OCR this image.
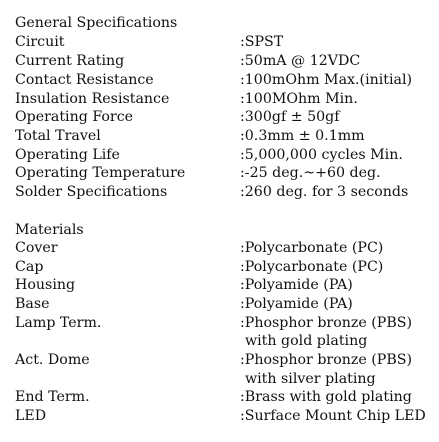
General Specifications
Circuit	:SPST
Current Rating	:50mA @ 12VDC
Contact Resistance	:100mOhm Max.(initial)
Insulation Resistance	:100MOhm Min.
Operating Force	:300gf ± 50gf
Total Travel	:0.3mm ± 0.1mm
Operating Life	:5,000,000 cycles Min.
Operating Temperature	:-25 deg.~+60 deg.
Solder Specifications	:260 deg. for 3 seconds
Materials
Cover	:Polycarbonate (PC)
Cap	:Polycarbonate (PC)
Housing	:Polyamide (PA)
Base	:Polyamide (PA)
Lamp Term.	:Phosphor bronze (PBS)
with gold plating
Act. Dome	:Phosphor bronze (PBS)
with silver plating
End Term.	:Brass with gold plating
LED	:Surface Mount Chip LED
